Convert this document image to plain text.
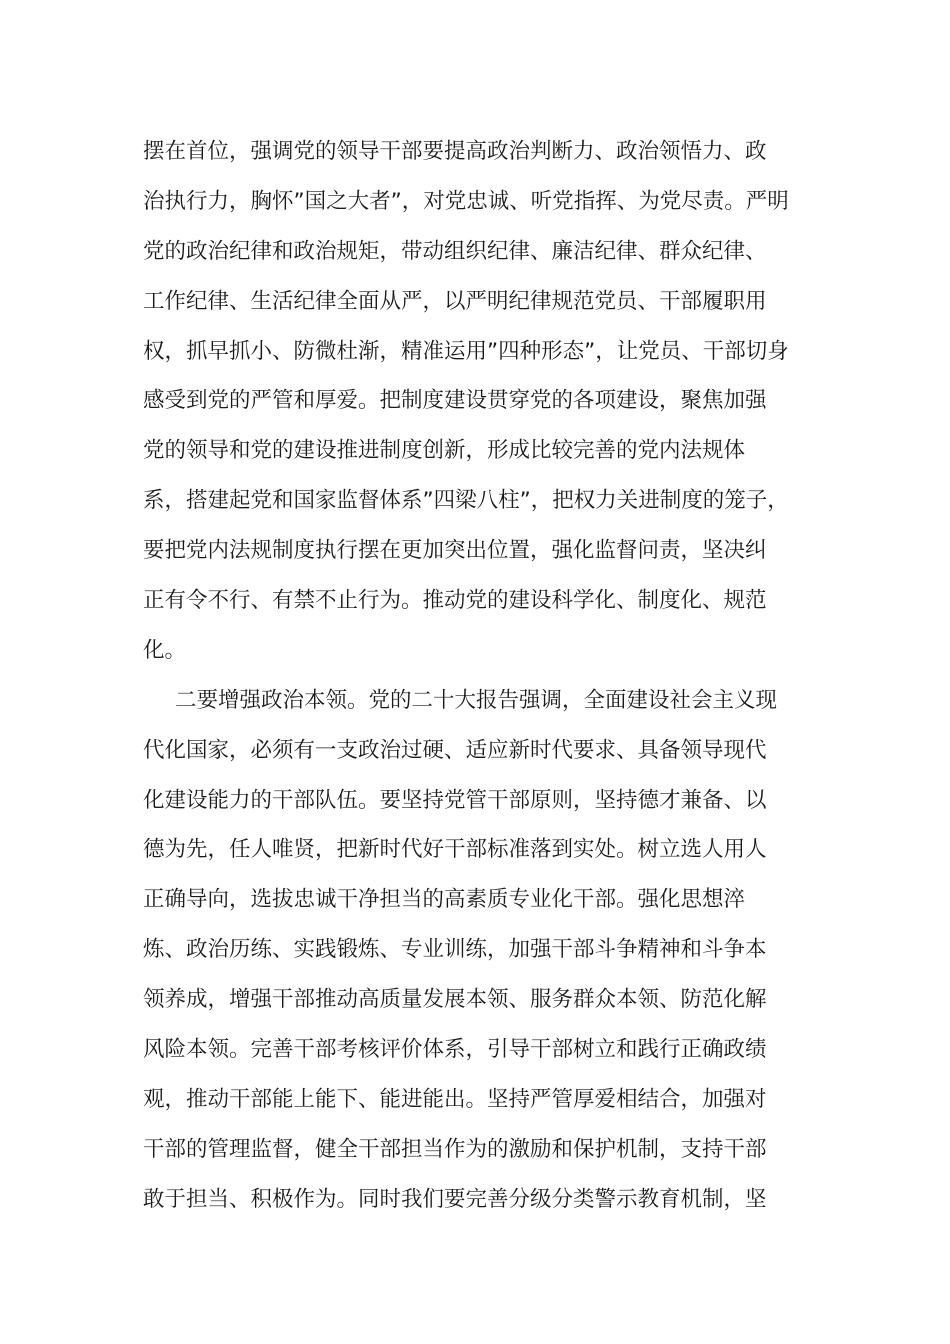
摆在首位，强调党的领导干部要提高政治判断力、政治领悟力、政
治执行力，胸怀”国之大者”，对党忠诚、听党指挥、为党尽责。严明
党的政治纪律和政治规矩，带动组织纪律、廉洁纪律、群众纪律、
工作纪律、生活纪律全面从严，以严明纪律规范党员、干部履职用
权，抓早抓小、防微杜渐，精准运用”四种形态”，让党员、干部切身
感受到党的严管和厚爱。把制度建设贯穿党的各项建设，聚焦加强
党的领导和党的建设推进制度创新，形成比较完善的党内法规体
系，搭建起党和国家监督体系”四梁八柱”，把权力关进制度的笼子，
要把党内法规制度执行摆在更加突出位置，强化监督问责，坚决纠
正有令不行、有禁不止行为。推动党的建设科学化、制度化、规范
化。
二要增强政治本领。党的二十大报告强调，全面建设社会主义现
代化国家，必须有一支政治过硬、适应新时代要求、具备领导现代
化建设能力的干部队伍。要坚持党管干部原则，坚持德才兼备、以
德为先，任人唯贤，把新时代好干部标准落到实处。树立选人用人
正确导向，选拔忠诚干净担当的高素质专业化干部。强化思想淬
炼、政治历练、实践锻炼、专业训练，加强干部斗争精神和斗争本
领养成，增强干部推动高质量发展本领、服务群众本领、防范化解
风险本领。完善干部考核评价体系，引导干部树立和践行正确政绩
观，推动干部能上能下、能进能出。坚持严管厚爱相结合，加强对
干部的管理监督，健全干部担当作为的激励和保护机制，支持干部
敢于担当、积极作为。同时我们要完善分级分类警示教育机制，坚
